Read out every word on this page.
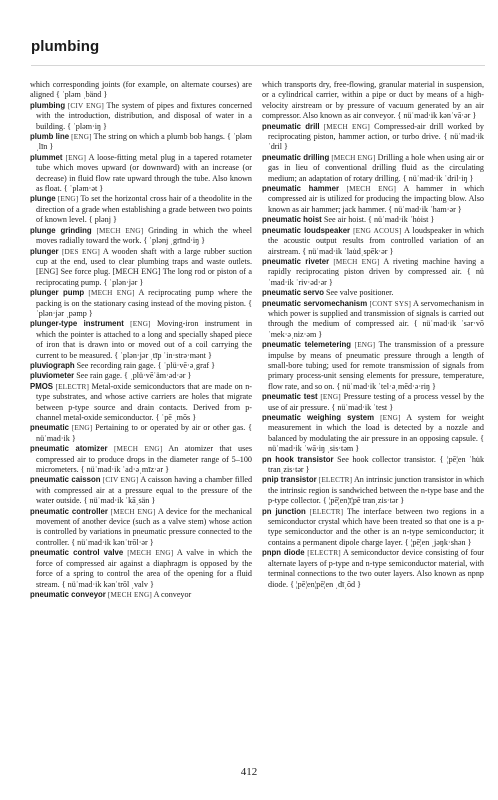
plumbing

which corresponding joints (for example, on alternate courses) are aligned { ˈpləm ˌbänd }

plumbing [CIV ENG] The system of pipes and fixtures concerned with the introduction, distribution, and disposal of water in a building. { ˈpləm·iŋ }

plumb line [ENG] The string on which a plumb bob hangs. { ˈpləm ˌlīn }

plummet [ENG] A loose-fitting metal plug in a tapered rotameter tube which moves upward (or downward) with an increase (or decrease) in fluid flow rate upward through the tube. Also known as float. { ˈpləm·ət }

plunge [ENG] To set the horizontal cross hair of a theodolite in the direction of a grade when establishing a grade between two points of known level. { plənj }

plunge grinding [MECH ENG] Grinding in which the wheel moves radially toward the work. { ˈplənj ˌgrīnd·iŋ }

plunger [DES ENG] A wooden shaft with a large rubber suction cup at the end, used to clear plumbing traps and waste outlets. [ENG] See force plug. [MECH ENG] The long rod or piston of a reciprocating pump. { ˈplən·jər }

plunger pump [MECH ENG] A reciprocating pump where the packing is on the stationary casing instead of the moving piston. { ˈplən·jər ˌpəmp }

plunger-type instrument [ENG] Moving-iron instrument in which the pointer is attached to a long and specially shaped piece of iron that is drawn into or moved out of a coil carrying the current to be measured. { ˈplən·jər ˌtīp ˈin·strə·mənt }

pluviograph See recording rain gage. { ˈplü·vē·əˌgraf }

pluviometer See rain gage. { ˌplü·vēˈäm·əd·ər }

PMOS [ELECTR] Metal-oxide semiconductors that are made on n-type substrates, and whose active carriers are holes that migrate between p-type source and drain contacts. Derived from p-channel metal-oxide semiconductor. { ˈpē ˌmōs }

pneumatic [ENG] Pertaining to or operated by air or other gas. { nüˈmad·ik }

pneumatic atomizer [MECH ENG] An atomizer that uses compressed air to produce drops in the diameter range of 5–100 micrometers. { nüˈmad·ik ˈad·əˌmīz·ər }

pneumatic caisson [CIV ENG] A caisson having a chamber filled with compressed air at a pressure equal to the pressure of the water outside. { nüˈmad·ik ˈkāˌsän }

pneumatic controller [MECH ENG] A device for the mechanical movement of another device (such as a valve stem) whose action is controlled by variations in pneumatic pressure connected to the controller. { nüˈmad·ik kənˈtrōl·ər }

pneumatic control valve [MECH ENG] A valve in which the force of compressed air against a diaphragm is opposed by the force of a spring to control the area of the opening for a fluid stream. { nüˈmad·ik kənˈtrōl ˌvalv }

pneumatic conveyor [MECH ENG] A conveyor

which transports dry, free-flowing, granular material in suspension, or a cylindrical carrier, within a pipe or duct by means of a high-velocity airstream or by pressure of vacuum generated by an air compressor. Also known as air conveyor. { nüˈmad·ik kənˈvā·ər }

pneumatic drill [MECH ENG] Compressed-air drill worked by reciprocating piston, hammer action, or turbo drive. { nüˈmad·ik ˈdril }

pneumatic drilling [MECH ENG] Drilling a hole when using air or gas in lieu of conventional drilling fluid as the circulating medium; an adaptation of rotary drilling. { nüˈmad·ik ˈdril·iŋ }

pneumatic hammer [MECH ENG] A hammer in which compressed air is utilized for producing the impacting blow. Also known as air hammer; jack hammer. { nüˈmad·ik ˈham·ər }

pneumatic hoist See air hoist. { nüˈmad·ik ˈhȯist }

pneumatic loudspeaker [ENG ACOUS] A loudspeaker in which the acoustic output results from controlled variation of an airstream. { nüˈmad·ik ˈlau̇dˌspēk·ər }

pneumatic riveter [MECH ENG] A riveting machine having a rapidly reciprocating piston driven by compressed air. { nüˈmad·ik ˈriv·əd·ər }

pneumatic servo See valve positioner.

pneumatic servomechanism [CONT SYS] A servomechanism in which power is supplied and transmission of signals is carried out through the medium of compressed air. { nüˈmad·ik ˈsər·vōˈmek·əˌniz·əm }

pneumatic telemetering [ENG] The transmission of a pressure impulse by means of pneumatic pressure through a length of small-bore tubing; used for remote transmission of signals from primary process-unit sensing elements for pressure, temperature, flow rate, and so on. { nüˈmad·ik ˈtel·əˌmēd·ə·riŋ }

pneumatic test [ENG] Pressure testing of a process vessel by the use of air pressure. { nüˈmad·ik ˈtest }

pneumatic weighing system [ENG] A system for weight measurement in which the load is detected by a nozzle and balanced by modulating the air pressure in an opposing capsule. { nüˈmad·ik ˈwā·iŋ ˌsis·təm }

pn hook transistor See hook collector transistor. { ¦pē¦en ˈhu̇k tranˌzis·tər }

pnip transistor [ELECTR] An intrinsic junction transistor in which the intrinsic region is sandwiched between the n-type base and the p-type collector. { ¦pē¦en¦ī¦pē tranˌzis·tər }

pn junction [ELECTR] The interface between two regions in a semiconductor crystal which have been treated so that one is a p-type semiconductor and the other is an n-type semiconductor; it contains a permanent dipole charge layer. { ¦pē¦en ˌjəŋk·shən }

pnpn diode [ELECTR] A semiconductor device consisting of four alternate layers of p-type and n-type semiconductor material, with terminal connections to the two outer layers. Also known as npnp diode. { ¦pē¦en¦pē¦en ˌdīˌōd }

412
